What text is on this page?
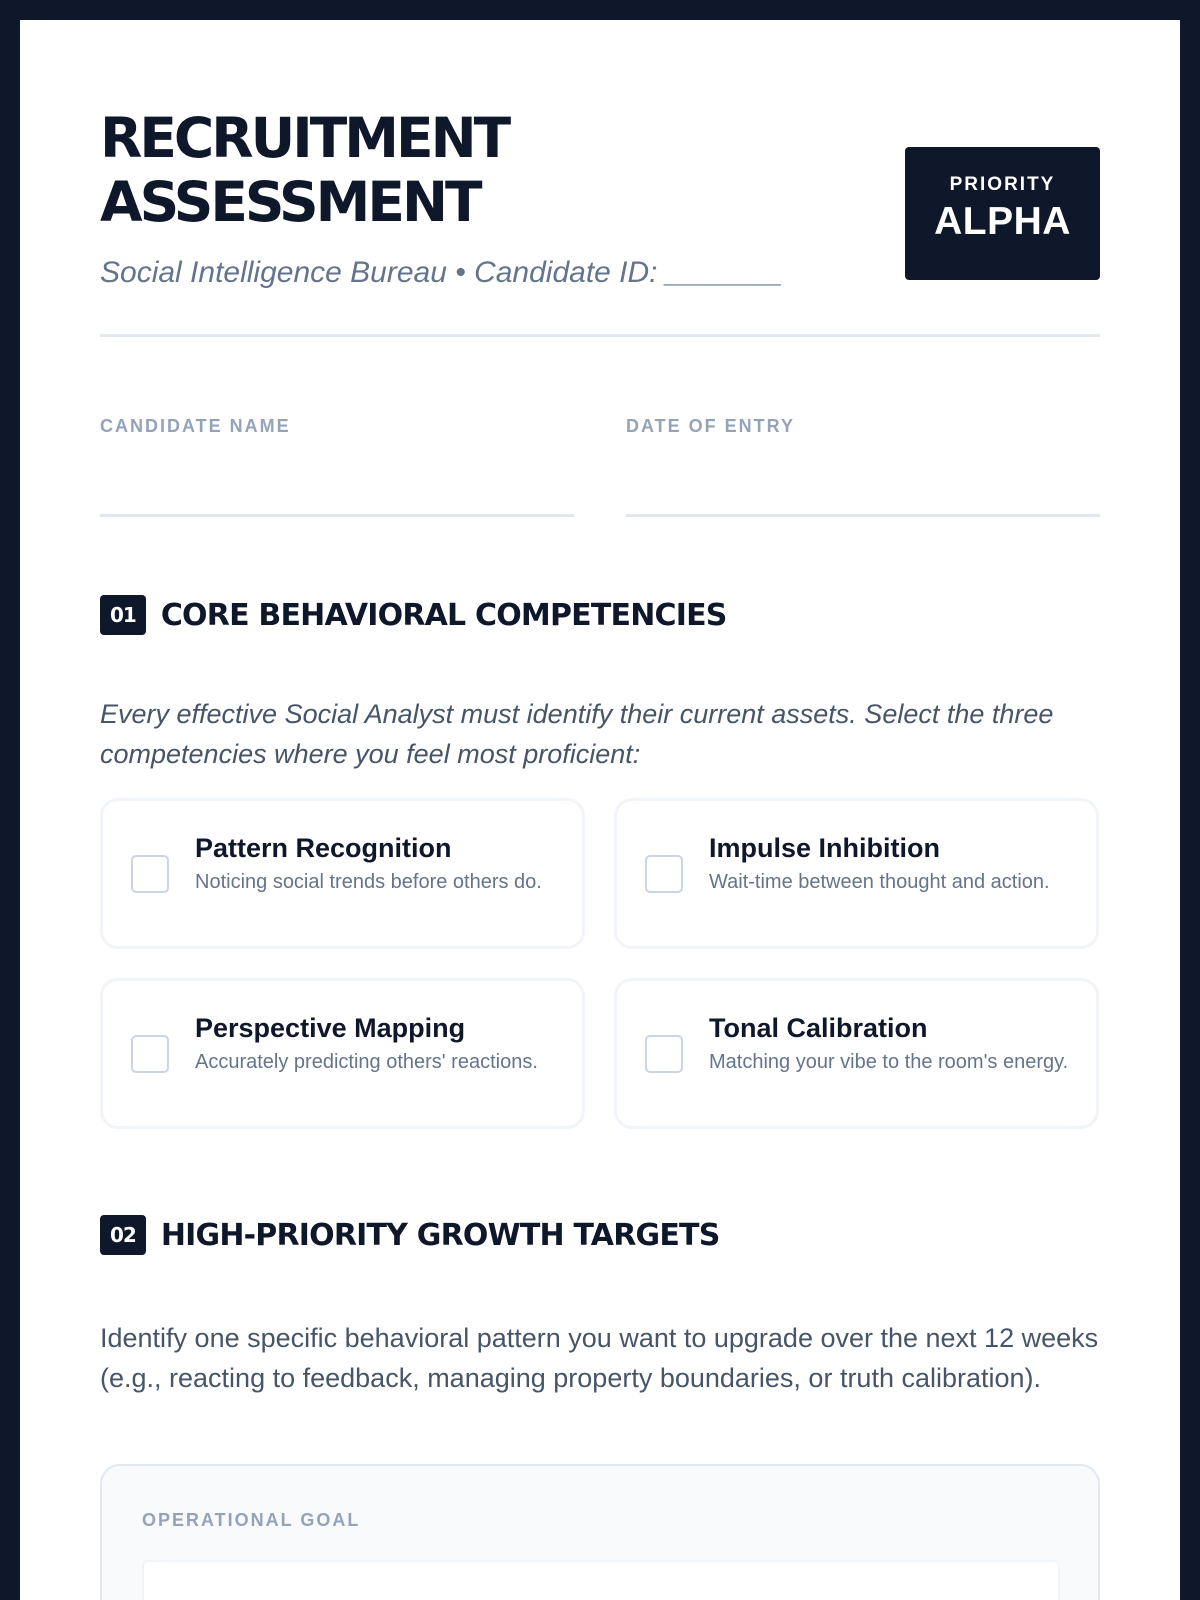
RECRUITMENT
ASSESSMENT
Social Intelligence Bureau • Candidate ID: _______
PRIORITY
ALPHA
CANDIDATE NAME	DATE OF ENTRY
01 CORE BEHAVIORAL COMPETENCIES

Every effective Social Analyst must identify their current assets. Select the three competencies where you feel most proficient:

Pattern Recognition
Noticing social trends before others do.
Impulse Inhibition
Wait-time between thought and action.
Perspective Mapping
Accurately predicting others' reactions.
Tonal Calibration
Matching your vibe to the room's energy.
02 HIGH-PRIORITY GROWTH TARGETS

Identify one specific behavioral pattern you want to upgrade over the next 12 weeks (e.g., reacting to feedback, managing property boundaries, or truth calibration).

OPERATIONAL GOAL
